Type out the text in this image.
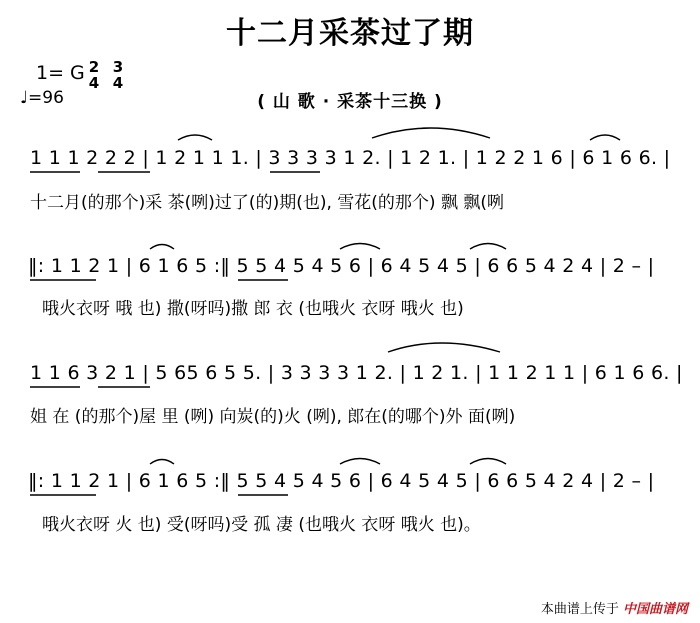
十二月采茶过了期
1= G 2
4
3
4
♩=96	( 山 歌 · 采茶十三换 )
1 1 1 2 2 2 | 1 2 1 1 1. | 3 3 3 3 1 2. | 1 2 1. | 1 2 2 1 6 | 6 1 6 6. |
十二月(的那个)采 茶(咧)过了(的)期(也), 雪花(的那个) 飘 飘(咧
‖: 1 1 2 1 | 6 1 6 5 :‖ 5 5 4 5 4 5 6 | 6 4 5 4 5 | 6 6 5 4 2 4 | 2 – |
哦火衣呀 哦 也) 撒(呀吗)撒 郎 衣 (也哦火 衣呀 哦火 也)
1 1 6 3 2 1 | 5 65 6 5 5. | 3 3 3 3 1 2. | 1 2 1. | 1 1 2 1 1 | 6 1 6 6. |
姐 在 (的那个)屋 里 (咧) 向炭(的)火 (咧), 郎在(的哪个)外 面(咧)
‖: 1 1 2 1 | 6 1 6 5 :‖ 5 5 4 5 4 5 6 | 6 4 5 4 5 | 6 6 5 4 2 4 | 2 – |
哦火衣呀 火 也) 受(呀吗)受 孤 凄 (也哦火 衣呀 哦火 也)。
本曲谱上传于 中国曲谱网
